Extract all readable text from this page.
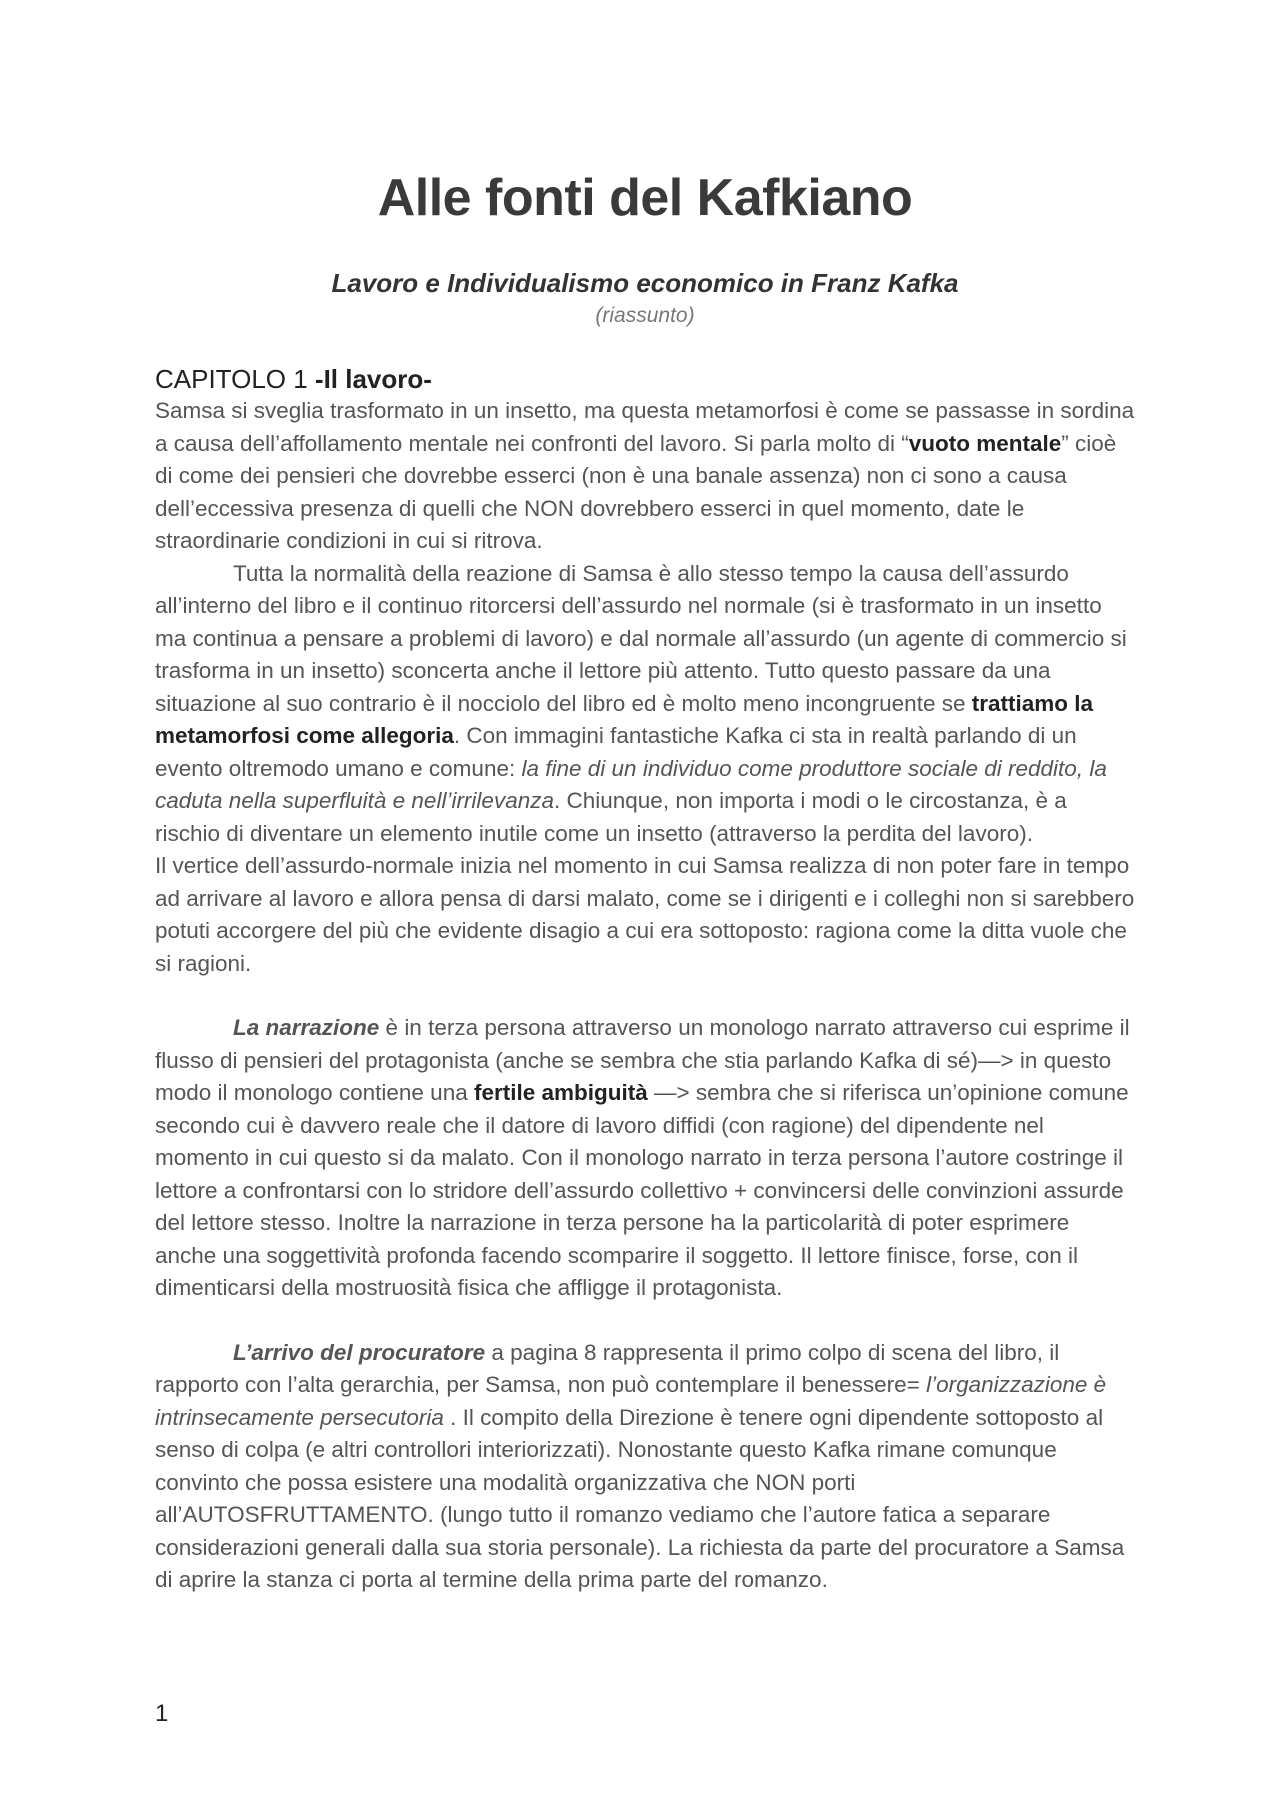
Alle fonti del Kafkiano
Lavoro e Individualismo economico in Franz Kafka
(riassunto)
CAPITOLO 1 -Il lavoro-

Samsa si sveglia trasformato in un insetto, ma questa metamorfosi è come se passasse in sordina a causa dell’affollamento mentale nei confronti del lavoro. Si parla molto di “vuoto mentale” cioè di come dei pensieri che dovrebbe esserci (non è una banale assenza) non ci sono a causa dell’eccessiva presenza di quelli che NON dovrebbero esserci in quel momento, date le straordinarie condizioni in cui si ritrova.

Tutta la normalità della reazione di Samsa è allo stesso tempo la causa dell’assurdo all’interno del libro e il continuo ritorcersi dell’assurdo nel normale (si è trasformato in un insetto ma continua a pensare a problemi di lavoro) e dal normale all’assurdo (un agente di commercio si trasforma in un insetto) sconcerta anche il lettore più attento. Tutto questo passare da una situazione al suo contrario è il nocciolo del libro ed è molto meno incongruente se trattiamo la metamorfosi come allegoria. Con immagini fantastiche Kafka ci sta in realtà parlando di un evento oltremodo umano e comune: la fine di un individuo come produttore sociale di reddito, la caduta nella superfluità e nell’irrilevanza. Chiunque, non importa i modi o le circostanza, è a rischio di diventare un elemento inutile come un insetto (attraverso la perdita del lavoro).

Il vertice dell’assurdo-normale inizia nel momento in cui Samsa realizza di non poter fare in tempo ad arrivare al lavoro e allora pensa di darsi malato, come se i dirigenti e i colleghi non si sarebbero potuti accorgere del più che evidente disagio a cui era sottoposto: ragiona come la ditta vuole che si ragioni.

La narrazione è in terza persona attraverso un monologo narrato attraverso cui esprime il flusso di pensieri del protagonista (anche se sembra che stia parlando Kafka di sé)—> in questo modo il monologo contiene una fertile ambiguità —> sembra che si riferisca un’opinione comune secondo cui è davvero reale che il datore di lavoro diffidi (con ragione) del dipendente nel momento in cui questo si da malato. Con il monologo narrato in terza persona l’autore costringe il lettore a confrontarsi con lo stridore dell’assurdo collettivo + convincersi delle convinzioni assurde del lettore stesso. Inoltre la narrazione in terza persone ha la particolarità di poter esprimere anche una soggettività profonda facendo scomparire il soggetto. Il lettore finisce, forse, con il dimenticarsi della mostruosità fisica che affligge il protagonista.

L’arrivo del procuratore a pagina 8 rappresenta il primo colpo di scena del libro, il rapporto con l’alta gerarchia, per Samsa, non può contemplare il benessere= l’organizzazione è intrinsecamente persecutoria . Il compito della Direzione è tenere ogni dipendente sottoposto al senso di colpa (e altri controllori interiorizzati). Nonostante questo Kafka rimane comunque convinto che possa esistere una modalità organizzativa che NON porti all’AUTOSFRUTTAMENTO. (lungo tutto il romanzo vediamo che l’autore fatica a separare considerazioni generali dalla sua storia personale). La richiesta da parte del procuratore a Samsa di aprire la stanza ci porta al termine della prima parte del romanzo.

1
